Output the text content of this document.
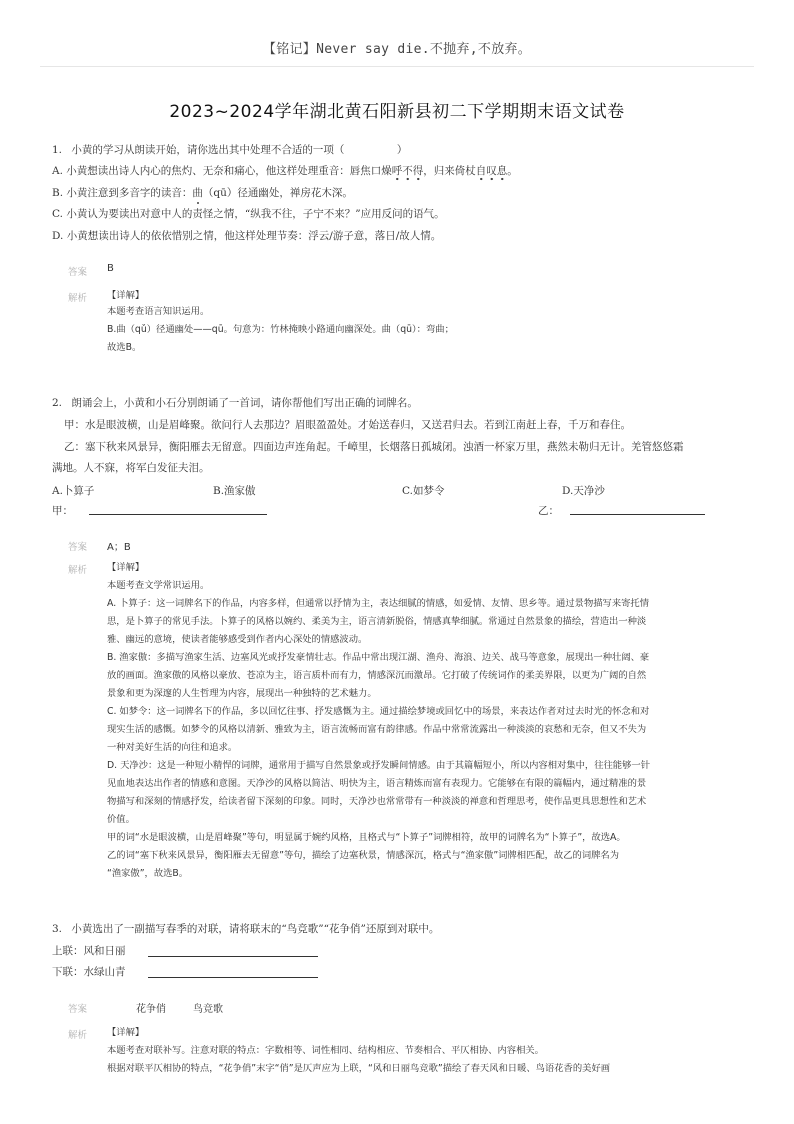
【铭记】Never say die.不抛弃,不放弃。
2023~2024学年湖北黄石阳新县初二下学期期末语文试卷
1. 小黄的学习从朗读开始，请你选出其中处理不合适的一项（　　　　　）
A. 小黄想读出诗人内心的焦灼、无奈和痛心，他这样处理重音：唇焦口燥呼不得，归来倚杖自叹息。
B. 小黄注意到多音字的读音：曲（qū）径通幽处，禅房花木深。
C. 小黄认为要读出对意中人的责怪之情，“纵我不往，子宁不来？”应用反问的语气。
D. 小黄想读出诗人的依依惜别之情，他这样处理节奏：浮云/游子意，落日/故人情。
答案 B
解析 【详解】
本题考查语言知识运用。
B.曲（qǔ）径通幽处——qū。句意为：竹林掩映小路通向幽深处。曲（qū）：弯曲；
故选B。
2. 朗诵会上，小黄和小石分别朗诵了一首词，请你帮他们写出正确的词牌名。
甲：水是眼波横，山是眉峰聚。欲问行人去那边？眉眼盈盈处。才始送春归，又送君归去。若到江南赶上春，千万和春住。
乙：塞下秋来风景异，衡阳雁去无留意。四面边声连角起。千嶂里，长烟落日孤城闭。浊酒一杯家万里，燕然未勒归无计。羌管悠悠霜
满地。人不寐，将军白发征夫泪。
A.卜算子	B.渔家傲	C.如梦令	D.天净沙
甲：	乙：
答案 A；B
解析 【详解】
本题考查文学常识运用。
A. 卜算子：这一词牌名下的作品，内容多样，但通常以抒情为主，表达细腻的情感，如爱情、友情、思乡等。通过景物描写来寄托情
思，是卜算子的常见手法。卜算子的风格以婉约、柔美为主，语言清新脱俗，情感真挚细腻。常通过自然景象的描绘，营造出一种淡
雅、幽远的意境，使读者能够感受到作者内心深处的情感波动。
B. 渔家傲：多描写渔家生活、边塞风光或抒发豪情壮志。作品中常出现江湖、渔舟、海浪、边关、战马等意象，展现出一种壮阔、豪
放的画面。渔家傲的风格以豪放、苍凉为主，语言质朴而有力，情感深沉而激昂。它打破了传统词作的柔美界限，以更为广阔的自然
景象和更为深邃的人生哲理为内容，展现出一种独特的艺术魅力。
C. 如梦令：这一词牌名下的作品，多以回忆往事、抒发感慨为主。通过描绘梦境或回忆中的场景，来表达作者对过去时光的怀念和对
现实生活的感慨。如梦令的风格以清新、雅致为主，语言流畅而富有韵律感。作品中常常流露出一种淡淡的哀愁和无奈，但又不失为
一种对美好生活的向往和追求。
D. 天净沙：这是一种短小精悍的词牌，通常用于描写自然景象或抒发瞬间情感。由于其篇幅短小，所以内容相对集中，往往能够一针
见血地表达出作者的情感和意图。天净沙的风格以简洁、明快为主，语言精炼而富有表现力。它能够在有限的篇幅内，通过精准的景
物描写和深刻的情感抒发，给读者留下深刻的印象。同时，天净沙也常常带有一种淡淡的禅意和哲理思考，使作品更具思想性和艺术
价值。
甲的词“水是眼波横，山是眉峰聚”等句，明显属于婉约风格，且格式与“卜算子”词牌相符，故甲的词牌名为“卜算子”，故选A。
乙的词“塞下秋来风景异，衡阳雁去无留意”等句，描绘了边塞秋景，情感深沉，格式与“渔家傲”词牌相匹配，故乙的词牌名为
“渔家傲”，故选B。
3. 小黄选出了一副描写春季的对联，请将联末的“鸟竞歌”“花争俏”还原到对联中。
上联：风和日丽
下联：水绿山青
答案	花争俏	鸟竞歌
解析 【详解】
本题考查对联补写。注意对联的特点：字数相等、词性相同、结构相应、节奏相合、平仄相协、内容相关。
根据对联平仄相协的特点，“花争俏”末字“俏”是仄声应为上联，“风和日丽鸟竞歌”描绘了春天风和日暖、鸟语花香的美好画
